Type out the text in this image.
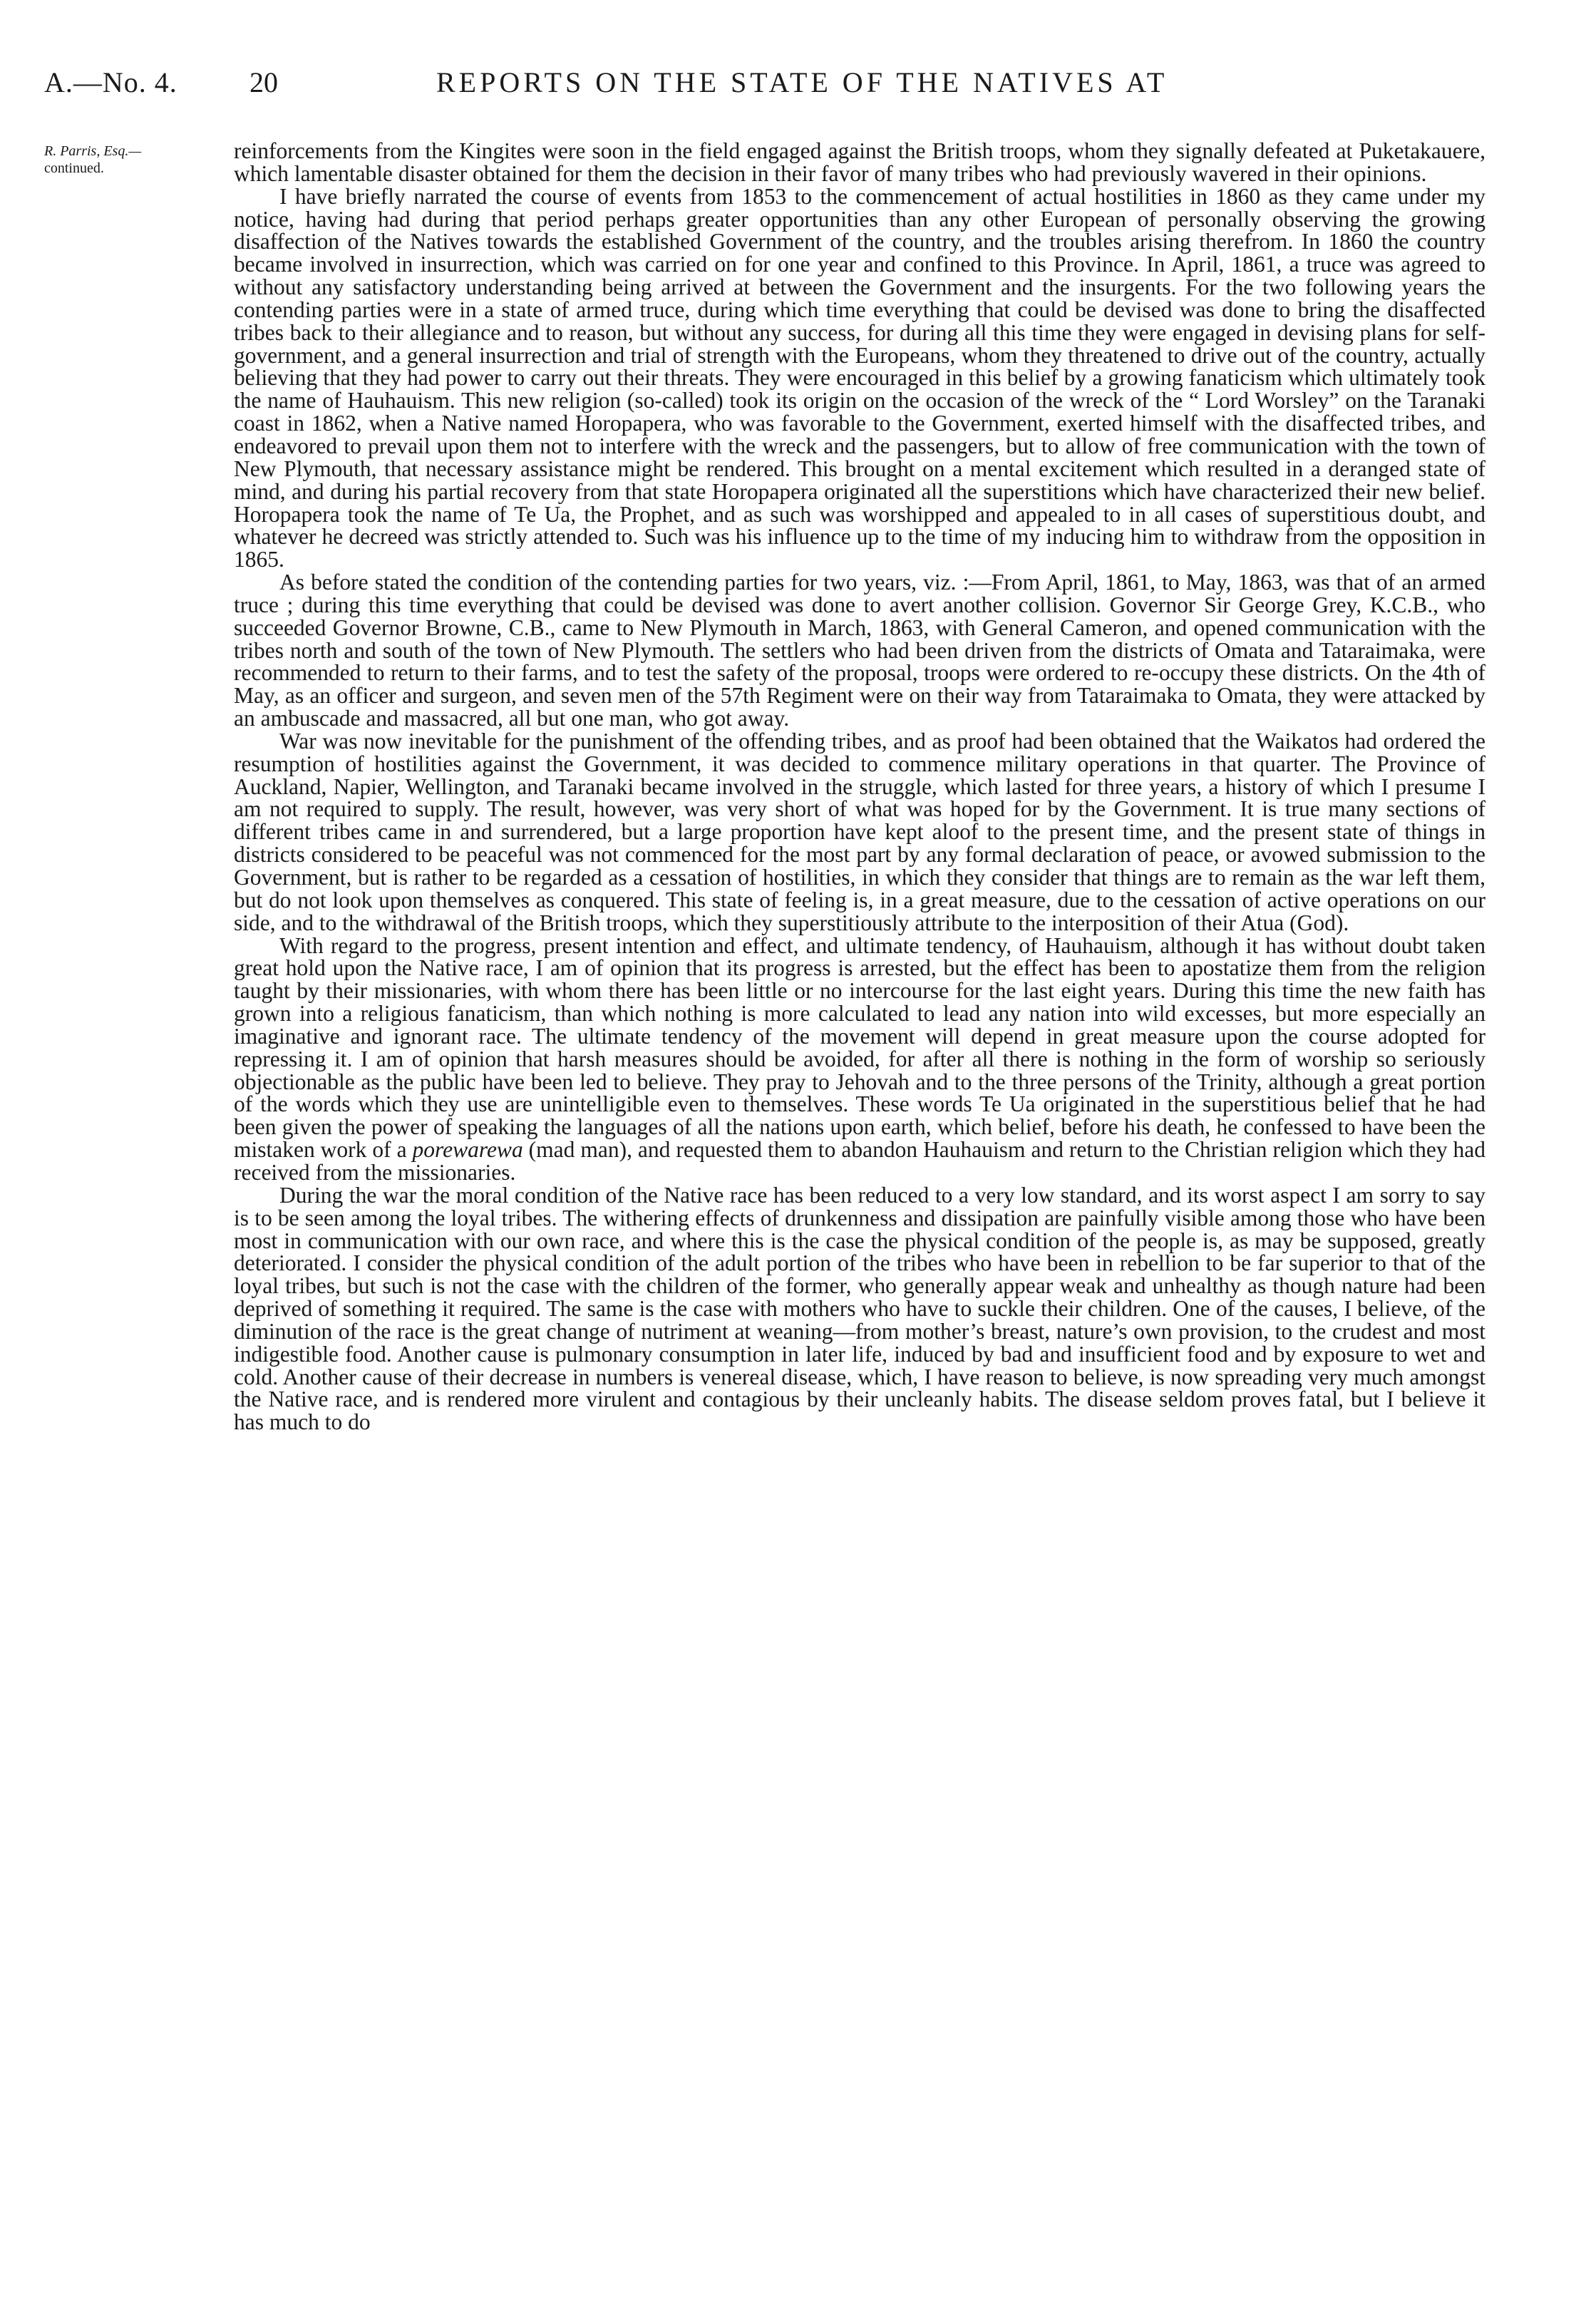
A.—No. 4.	20	REPORTS ON THE STATE OF THE NATIVES AT
R. Parris, Esq.—
continued.

reinforcements from the Kingites were soon in the field engaged against the British troops, whom they signally defeated at Puketakauere, which lamentable disaster obtained for them the decision in their favor of many tribes who had previously wavered in their opinions.

I have briefly narrated the course of events from 1853 to the commencement of actual hostilities in 1860 as they came under my notice, having had during that period perhaps greater opportunities than any other European of personally observing the growing disaffection of the Natives towards the established Government of the country, and the troubles arising therefrom. In 1860 the country became involved in insurrection, which was carried on for one year and confined to this Province. In April, 1861, a truce was agreed to without any satisfactory understanding being arrived at between the Government and the insurgents. For the two following years the contending parties were in a state of armed truce, during which time everything that could be devised was done to bring the disaffected tribes back to their allegiance and to reason, but without any success, for during all this time they were engaged in devising plans for self-government, and a general insurrection and trial of strength with the Europeans, whom they threatened to drive out of the country, actually believing that they had power to carry out their threats. They were encouraged in this belief by a growing fanaticism which ultimately took the name of Hauhauism. This new religion (so-called) took its origin on the occasion of the wreck of the “ Lord Worsley” on the Taranaki coast in 1862, when a Native named Horopapera, who was favorable to the Government, exerted himself with the disaffected tribes, and endeavored to prevail upon them not to interfere with the wreck and the passengers, but to allow of free communication with the town of New Plymouth, that necessary assistance might be rendered. This brought on a mental excitement which resulted in a deranged state of mind, and during his partial recovery from that state Horopapera originated all the superstitions which have characterized their new belief. Horopapera took the name of Te Ua, the Prophet, and as such was worshipped and appealed to in all cases of superstitious doubt, and whatever he decreed was strictly attended to. Such was his influence up to the time of my inducing him to withdraw from the opposition in 1865.

As before stated the condition of the contending parties for two years, viz. :—From April, 1861, to May, 1863, was that of an armed truce ; during this time everything that could be devised was done to avert another collision. Governor Sir George Grey, K.C.B., who succeeded Governor Browne, C.B., came to New Plymouth in March, 1863, with General Cameron, and opened communication with the tribes north and south of the town of New Plymouth. The settlers who had been driven from the districts of Omata and Tataraimaka, were recommended to return to their farms, and to test the safety of the proposal, troops were ordered to re-occupy these districts. On the 4th of May, as an officer and surgeon, and seven men of the 57th Regiment were on their way from Tataraimaka to Omata, they were attacked by an ambuscade and massacred, all but one man, who got away.

War was now inevitable for the punishment of the offending tribes, and as proof had been obtained that the Waikatos had ordered the resumption of hostilities against the Government, it was decided to commence military operations in that quarter. The Province of Auckland, Napier, Wellington, and Taranaki became involved in the struggle, which lasted for three years, a history of which I presume I am not required to supply. The result, however, was very short of what was hoped for by the Government. It is true many sections of different tribes came in and surrendered, but a large proportion have kept aloof to the present time, and the present state of things in districts considered to be peaceful was not commenced for the most part by any formal declaration of peace, or avowed submission to the Government, but is rather to be regarded as a cessation of hostilities, in which they consider that things are to remain as the war left them, but do not look upon themselves as conquered. This state of feeling is, in a great measure, due to the cessation of active operations on our side, and to the withdrawal of the British troops, which they superstitiously attribute to the interposition of their Atua (God).

With regard to the progress, present intention and effect, and ultimate tendency, of Hauhauism, although it has without doubt taken great hold upon the Native race, I am of opinion that its progress is arrested, but the effect has been to apostatize them from the religion taught by their missionaries, with whom there has been little or no intercourse for the last eight years. During this time the new faith has grown into a religious fanaticism, than which nothing is more calculated to lead any nation into wild excesses, but more especially an imaginative and ignorant race. The ultimate tendency of the movement will depend in great measure upon the course adopted for repressing it. I am of opinion that harsh measures should be avoided, for after all there is nothing in the form of worship so seriously objectionable as the public have been led to believe. They pray to Jehovah and to the three persons of the Trinity, although a great portion of the words which they use are unintelligible even to themselves. These words Te Ua originated in the superstitious belief that he had been given the power of speaking the languages of all the nations upon earth, which belief, before his death, he confessed to have been the mistaken work of a porewarewa (mad man), and requested them to abandon Hauhauism and return to the Christian religion which they had received from the missionaries.

During the war the moral condition of the Native race has been reduced to a very low standard, and its worst aspect I am sorry to say is to be seen among the loyal tribes. The withering effects of drunkenness and dissipation are painfully visible among those who have been most in communication with our own race, and where this is the case the physical condition of the people is, as may be supposed, greatly deteriorated. I consider the physical condition of the adult portion of the tribes who have been in rebellion to be far superior to that of the loyal tribes, but such is not the case with the children of the former, who generally appear weak and unhealthy as though nature had been deprived of something it required. The same is the case with mothers who have to suckle their children. One of the causes, I believe, of the diminution of the race is the great change of nutriment at weaning—from mother’s breast, nature’s own provision, to the crudest and most indigestible food. Another cause is pulmonary consumption in later life, induced by bad and insufficient food and by exposure to wet and cold. Another cause of their decrease in numbers is venereal disease, which, I have reason to believe, is now spreading very much amongst the Native race, and is rendered more virulent and contagious by their uncleanly habits. The disease seldom proves fatal, but I believe it has much to do
